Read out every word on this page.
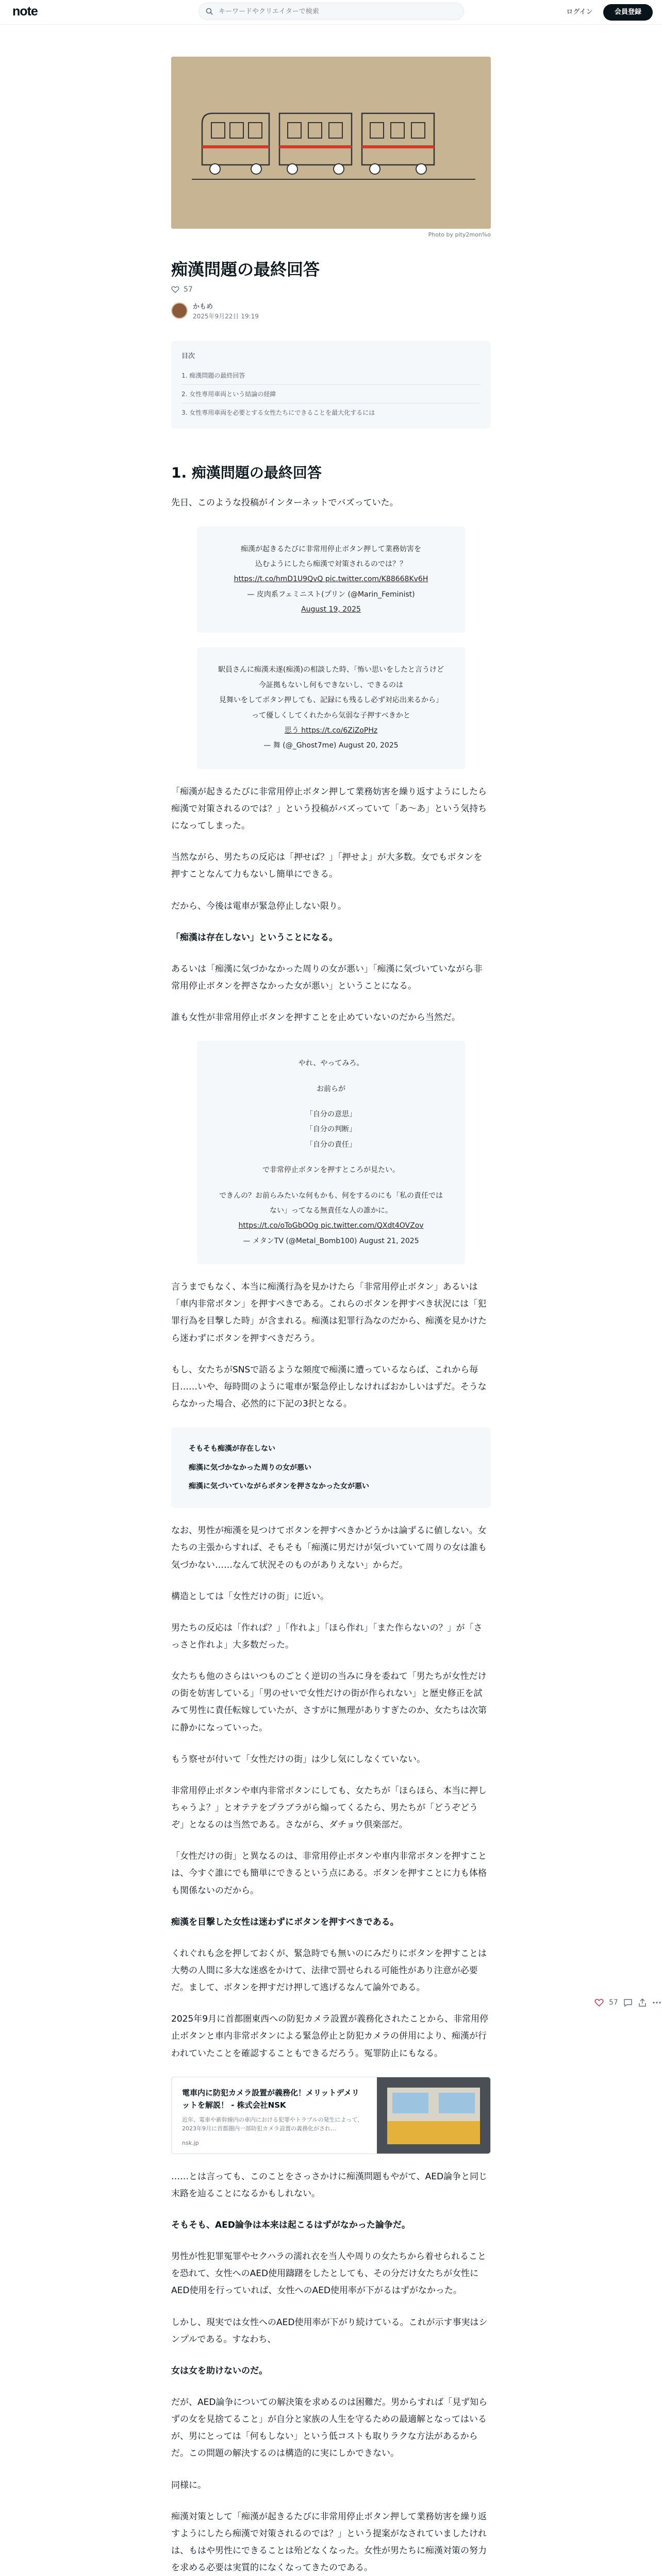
note
キーワードやクリエイターで検索	ログイン	会員登録
Photo by pity2mon%o
痴漢問題の最終回答
57
かもめ
2025年9月22日 19:19
目次
1. 痴漢問題の最終回答
2. 女性専用車両という結論の経緯
3. 女性専用車両を必要とする女性たちにできることを最大化するには
1. 痴漢問題の最終回答

先日、このような投稿がインターネットでバズっていた。

痴漢が起きるたびに非常用停止ボタン押して業務妨害を
込むようにしたら痴漢で対策されるのでは？？
https://t.co/hmD1U9QvQ pic.twitter.com/K88668Kv6H
— 皮肉系フェミニスト(プリン (@Marin_Feminist)
August 19, 2025
駅員さんに痴漢未遂(痴漢)の相談した時、「怖い思いをしたと言うけど今証拠もないし何もできないし、できるのは
見舞いをしてボタン押しても、記録にも残るし必ず対応出来るから」って優しくしてくれたから気弱な子押すべきかと
思う https://t.co/6ZiZoPHz
— 舞 (@_Ghost7me) August 20, 2025

「痴漢が起きるたびに非常用停止ボタン押して業務妨害を繰り返すようにしたら痴漢で対策されるのでは？」という投稿がバズっていて「あ〜あ」という気持ちになってしまった。

当然ながら、男たちの反応は「押せば？」「押せよ」が大多数。女でもボタンを押すことなんて力もないし簡単にできる。

だから、今後は電車が緊急停止しない限り。

「痴漢は存在しない」ということになる。

あるいは「痴漢に気づかなかった周りの女が悪い」「痴漢に気づいていながら非常用停止ボタンを押さなかった女が悪い」ということになる。

誰も女性が非常用停止ボタンを押すことを止めていないのだから当然だ。

やれ、やってみろ。
お前らが
「自分の意思」
「自分の判断」
「自分の責任」
で非常停止ボタンを押すところが見たい。
できんの？お前らみたいな何もかも、何をするのにも「私の責任ではない」ってなる無責任な人の誰かに。
https://t.co/oToGbOOg pic.twitter.com/QXdt4OVZov
— メタンTV (@Metal_Bomb100) August 21, 2025

言うまでもなく、本当に痴漢行為を見かけたら「非常用停止ボタン」あるいは「車内非常ボタン」を押すべきである。これらのボタンを押すべき状況には「犯罪行為を目撃した時」が含まれる。痴漢は犯罪行為なのだから、痴漢を見かけたら迷わずにボタンを押すべきだろう。

もし、女たちがSNSで語るような頻度で痴漢に遭っているならば、これから毎日……いや、毎時間のように電車が緊急停止しなければおかしいはずだ。そうならなかった場合、必然的に下記の3択となる。

そもそも痴漢が存在しない
痴漢に気づかなかった周りの女が悪い
痴漢に気づいていながらボタンを押さなかった女が悪い

なお、男性が痴漢を見つけてボタンを押すべきかどうかは論ずるに値しない。女たちの主張からすれば、そもそも「痴漢に男だけが気づいていて周りの女は誰も気づかない……なんて状況そのものがありえない」からだ。

構造としては「女性だけの街」に近い。

男たちの反応は「作れば？」「作れよ」「ほら作れ」「また作らないの？」が「さっさと作れよ」大多数だった。

女たちも他のさらはいつものごとく逆切の当みに身を委ねて「男たちが女性だけの街を妨害している」「男のせいで女性だけの街が作られない」と歴史修正を試みて男性に責任転嫁していたが、さすがに無理がありすぎたのか、女たちは次第に静かになっていった。

もう察せが付いて「女性だけの街」は少し気にしなくていない。

非常用停止ボタンや車内非常ボタンにしても、女たちが「ほらほら、本当に押しちゃうよ？」とオテテをプラブラがら煽ってくるたら、男たちが「どうぞどうぞ」となるのは当然である。さながら、ダチョウ倶楽部だ。

「女性だけの街」と異なるのは、非常用停止ボタンや車内非常ボタンを押すことは、今すぐ誰にでも簡単にできるという点にある。ボタンを押すことに力も体格も関係ないのだから。

痴漢を目撃した女性は迷わずにボタンを押すべきである。

くれぐれも念を押しておくが、緊急時でも無いのにみだりにボタンを押すことは大勢の人間に多大な迷惑をかけて、法律で罰せられる可能性があり注意が必要だ。まして、ボタンを押すだけ押して逃げるなんて論外である。

2025年9月に首都圏東西への防犯カメラ設置が義務化されたことから、非常用停止ボタンと車内非常ボタンによる緊急停止と防犯カメラの併用により、痴漢が行われていたことを確認することもできるだろう。冤罪防止にもなる。

電車内に防犯カメラ設置が義務化！メリットデメリットを解説！ - 株式会社NSK
近年、電車や新幹線内の車内における犯罪やトラブルの発生によって、2023年9月に首都圏内一部防犯カメラ設置の義務化がされ…
nsk.jp

……とは言っても、このことをさっさかけに痴漢問題もやがて、AED論争と同じ末路を辿ることになるかもしれない。

そもそも、AED論争は本来は起こるはずがなかった論争だ。

男性が性犯罪冤罪やセクハラの濡れ衣を当人や周りの女たちから着せられることを恐れて、女性へのAED使用躊躇をしたとしても、その分だけ女たちが女性にAED使用を行っていれば、女性へのAED使用率が下がるはずがなかった。

しかし、現実では女性へのAED使用率が下がり続けている。これが示す事実はシンプルである。すなわち、

女は女を助けないのだ。

だが、AED論争についての解決策を求めるのは困難だ。男からすれば「見ず知らずの女を見捨てること」が自分と家族の人生を守るための最適解となってはいるが、男にとっては「何もしない」という低コストも取りラクな方法があるからだ。この問題の解決するのは構造的に実にしかできない。

同様に。

痴漢対策として「痴漢が起きるたびに非常用停止ボタン押して業務妨害を繰り返すようにしたら痴漢で対策されるのでは？」という提案がなされていましたけれは、もはや男性にできることは殆どなくなった。女性が男たちに痴漢対策の努力を求める必要は実質的になくなってきたのである。

57
